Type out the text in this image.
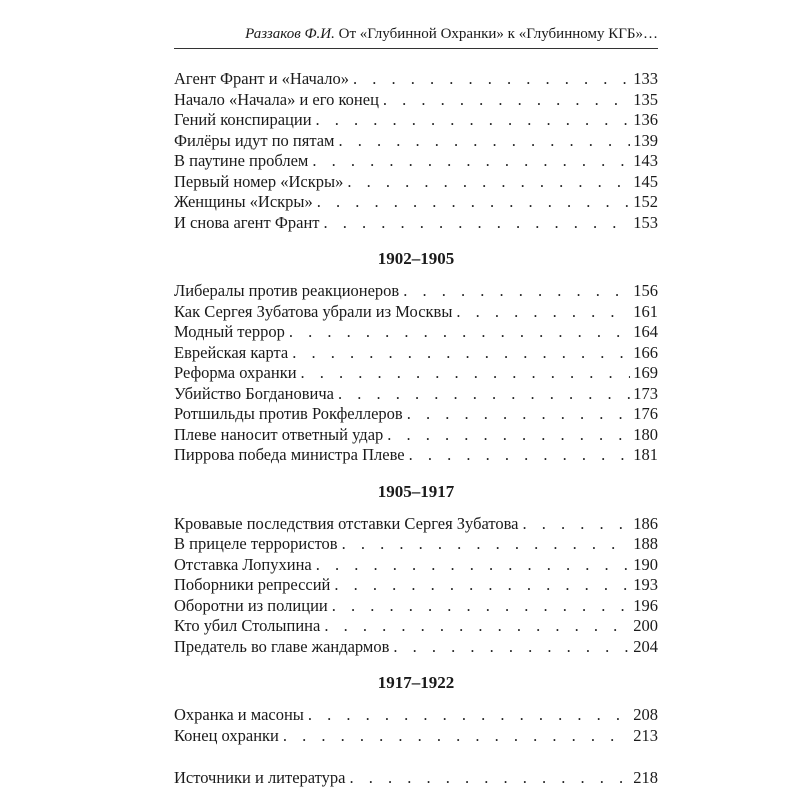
Раззаков Ф.И. От «Глубинной Охранки» к «Глубинному КГБ»…
Агент Франт и «Начало» . . .	133
Начало «Начала» и его конец . . .	135
Гений конспирации . . .	136
Филёры идут по пятам . . .	139
В паутине проблем . . .	143
Первый номер «Искры» . . .	145
Женщины «Искры» . . .	152
И снова агент Франт . . .	153
1902–1905
Либералы против реакционеров . . .	156
Как Сергея Зубатова убрали из Москвы . . .	161
Модный террор . . .	164
Еврейская карта . . .	166
Реформа охранки . . .	169
Убийство Богдановича . . .	173
Ротшильды против Рокфеллеров . . .	176
Плеве наносит ответный удар . . .	180
Пиррова победа министра Плеве . . .	181
1905–1917
Кровавые последствия отставки Сергея Зубатова . . .	186
В прицеле террористов . . .	188
Отставка Лопухина . . .	190
Поборники репрессий . . .	193
Оборотни из полиции . . .	196
Кто убил Столыпина . . .	200
Предатель во главе жандармов . . .	204
1917–1922
Охранка и масоны . . .	208
Конец охранки . . .	213
Источники и литература . . .	218
